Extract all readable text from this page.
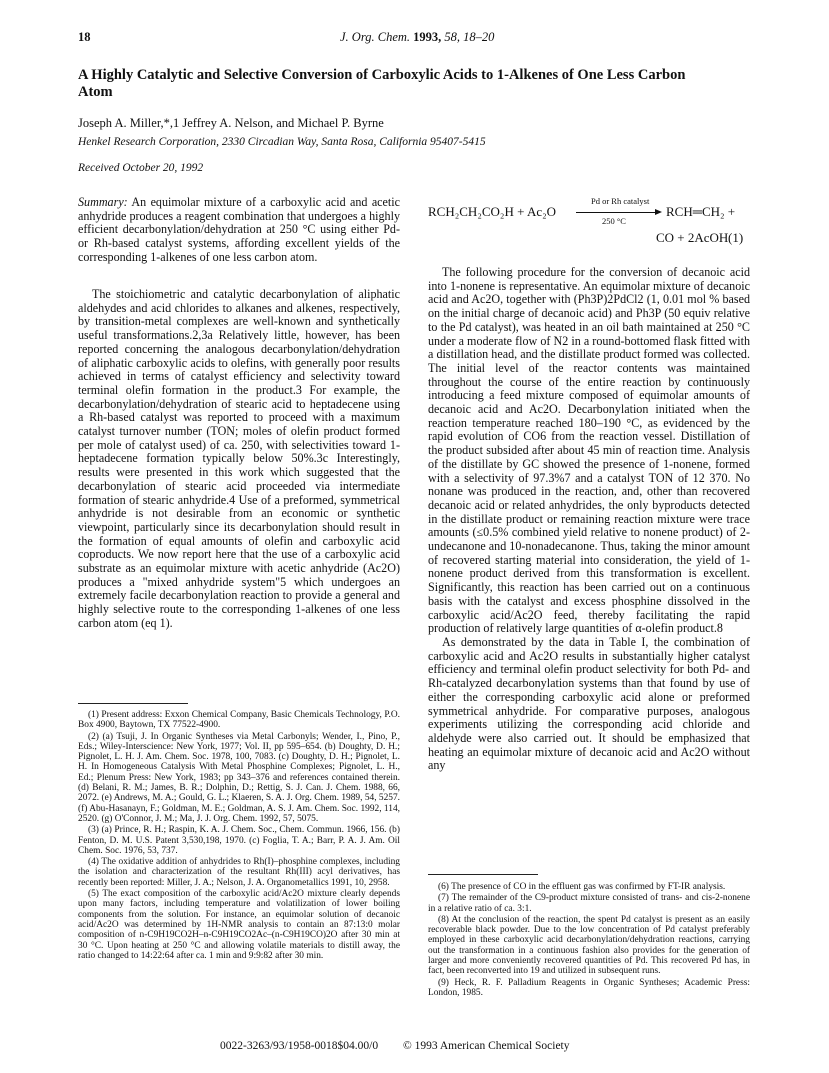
18	J. Org. Chem. 1993, 58, 18–20
A Highly Catalytic and Selective Conversion of Carboxylic Acids to 1-Alkenes of One Less Carbon Atom
Joseph A. Miller,*,1 Jeffrey A. Nelson, and Michael P. Byrne
Henkel Research Corporation, 2330 Circadian Way, Santa Rosa, California 95407-5415
Received October 20, 1992

Summary: An equimolar mixture of a carboxylic acid and acetic anhydride produces a reagent combination that undergoes a highly efficient decarbonylation/dehydration at 250 °C using either Pd- or Rh-based catalyst systems, affording excellent yields of the corresponding 1-alkenes of one less carbon atom.

The stoichiometric and catalytic decarbonylation of aliphatic aldehydes and acid chlorides to alkanes and alkenes, respectively, by transition-metal complexes are well-known and synthetically useful transformations.2,3a Relatively little, however, has been reported concerning the analogous decarbonylation/dehydration of aliphatic carboxylic acids to olefins, with generally poor results achieved in terms of catalyst efficiency and selectivity toward terminal olefin formation in the product.3 For example, the decarbonylation/dehydration of stearic acid to heptadecene using a Rh-based catalyst was reported to proceed with a maximum catalyst turnover number (TON; moles of olefin product formed per mole of catalyst used) of ca. 250, with selectivities toward 1-heptadecene formation typically below 50%.3c Interestingly, results were presented in this work which suggested that the decarbonylation of stearic acid proceeded via intermediate formation of stearic anhydride.4 Use of a preformed, symmetrical anhydride is not desirable from an economic or synthetic viewpoint, particularly since its decarbonylation should result in the formation of equal amounts of olefin and carboxylic acid coproducts. We now report here that the use of a carboxylic acid substrate as an equimolar mixture with acetic anhydride (Ac2O) produces a "mixed anhydride system"5 which undergoes an extremely facile decarbonylation reaction to provide a general and highly selective route to the corresponding 1-alkenes of one less carbon atom (eq 1).

RCH₂CH₂CO₂H + Ac₂O
Pd or Rh catalyst
250 °C
RCH═CH₂ +
CO + 2AcOH (1)

The following procedure for the conversion of decanoic acid into 1-nonene is representative. An equimolar mixture of decanoic acid and Ac2O, together with (Ph3P)2PdCl2 (1, 0.01 mol % based on the initial charge of decanoic acid) and Ph3P (50 equiv relative to the Pd catalyst), was heated in an oil bath maintained at 250 °C under a moderate flow of N2 in a round-bottomed flask fitted with a distillation head, and the distillate product formed was collected. The initial level of the reactor contents was maintained throughout the course of the entire reaction by continuously introducing a feed mixture composed of equimolar amounts of decanoic acid and Ac2O. Decarbonylation initiated when the reaction temperature reached 180–190 °C, as evidenced by the rapid evolution of CO6 from the reaction vessel. Distillation of the product subsided after about 45 min of reaction time. Analysis of the distillate by GC showed the presence of 1-nonene, formed with a selectivity of 97.3%7 and a catalyst TON of 12 370. No nonane was produced in the reaction, and, other than recovered decanoic acid or related anhydrides, the only byproducts detected in the distillate product or remaining reaction mixture were trace amounts (≤0.5% combined yield relative to nonene product) of 2-undecanone and 10-nonadecanone. Thus, taking the minor amount of recovered starting material into consideration, the yield of 1-nonene product derived from this transformation is excellent. Significantly, this reaction has been carried out on a continuous basis with the catalyst and excess phosphine dissolved in the carboxylic acid/Ac2O feed, thereby facilitating the rapid production of relatively large quantities of α-olefin product.8

As demonstrated by the data in Table I, the combination of carboxylic acid and Ac2O results in substantially higher catalyst efficiency and terminal olefin product selectivity for both Pd- and Rh-catalyzed decarbonylation systems than that found by use of either the corresponding carboxylic acid alone or preformed symmetrical anhydride. For comparative purposes, analogous experiments utilizing the corresponding acid chloride and aldehyde were also carried out. It should be emphasized that heating an equimolar mixture of decanoic acid and Ac2O without any

(1) Present address: Exxon Chemical Company, Basic Chemicals Technology, P.O. Box 4900, Baytown, TX 77522-4900.

(2) (a) Tsuji, J. In Organic Syntheses via Metal Carbonyls; Wender, I., Pino, P., Eds.; Wiley-Interscience: New York, 1977; Vol. II, pp 595–654. (b) Doughty, D. H.; Pignolet, L. H. J. Am. Chem. Soc. 1978, 100, 7083. (c) Doughty, D. H.; Pignolet, L. H. In Homogeneous Catalysis With Metal Phosphine Complexes; Pignolet, L. H., Ed.; Plenum Press: New York, 1983; pp 343–376 and references contained therein. (d) Belani, R. M.; James, B. R.; Dolphin, D.; Rettig, S. J. Can. J. Chem. 1988, 66, 2072. (e) Andrews, M. A.; Gould, G. L.; Klaeren, S. A. J. Org. Chem. 1989, 54, 5257. (f) Abu-Hasanayn, F.; Goldman, M. E.; Goldman, A. S. J. Am. Chem. Soc. 1992, 114, 2520. (g) O'Connor, J. M.; Ma, J. J. Org. Chem. 1992, 57, 5075.

(3) (a) Prince, R. H.; Raspin, K. A. J. Chem. Soc., Chem. Commun. 1966, 156. (b) Fenton, D. M. U.S. Patent 3,530,198, 1970. (c) Foglia, T. A.; Barr, P. A. J. Am. Oil Chem. Soc. 1976, 53, 737.

(4) The oxidative addition of anhydrides to Rh(I)–phosphine complexes, including the isolation and characterization of the resultant Rh(III) acyl derivatives, has recently been reported: Miller, J. A.; Nelson, J. A. Organometallics 1991, 10, 2958.

(5) The exact composition of the carboxylic acid/Ac2O mixture clearly depends upon many factors, including temperature and volatilization of lower boiling components from the solution. For instance, an equimolar solution of decanoic acid/Ac2O was determined by 1H-NMR analysis to contain an 87:13:0 molar composition of n-C9H19CO2H–n-C9H19CO2Ac–(n-C9H19CO)2O after 30 min at 30 °C. Upon heating at 250 °C and allowing volatile materials to distill away, the ratio changed to 14:22:64 after ca. 1 min and 9:9:82 after 30 min.

(6) The presence of CO in the effluent gas was confirmed by FT-IR analysis.

(7) The remainder of the C9-product mixture consisted of trans- and cis-2-nonene in a relative ratio of ca. 3:1.

(8) At the conclusion of the reaction, the spent Pd catalyst is present as an easily recoverable black powder. Due to the low concentration of Pd catalyst preferably employed in these carboxylic acid decarbonylation/dehydration reactions, carrying out the transformation in a continuous fashion also provides for the generation of larger and more conveniently recovered quantities of Pd. This recovered Pd has, in fact, been reconverted into 19 and utilized in subsequent runs.

(9) Heck, R. F. Palladium Reagents in Organic Syntheses; Academic Press: London, 1985.

0022-3263/93/1958-0018$04.00/0 © 1993 American Chemical Society
